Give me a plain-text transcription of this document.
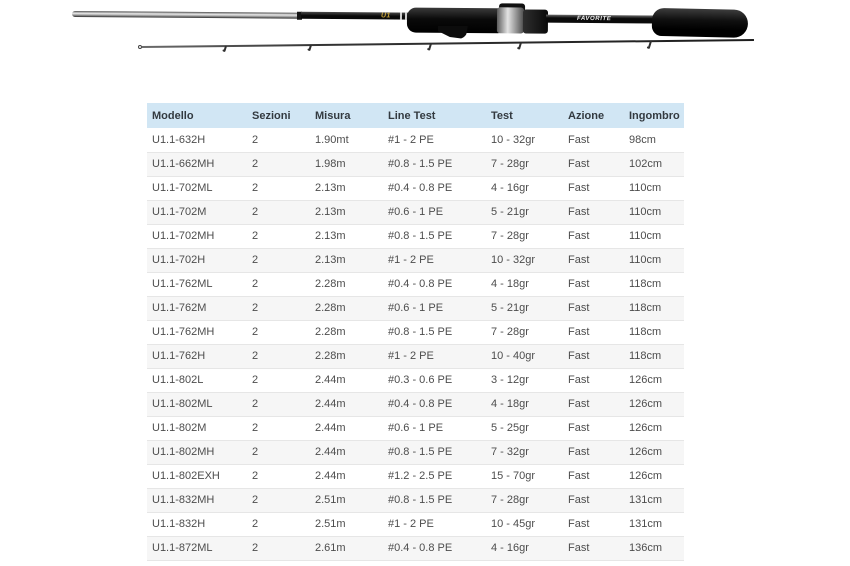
U1	FAVORITE
Modello	Sezioni	Misura	Line Test	Test	Azione	Ingombro
U1.1-632H	2	1.90mt	#1 - 2 PE	10 - 32gr	Fast	98cm
U1.1-662MH	2	1.98m	#0.8 - 1.5 PE	7 - 28gr	Fast	102cm
U1.1-702ML	2	2.13m	#0.4 - 0.8 PE	4 - 16gr	Fast	110cm
U1.1-702M	2	2.13m	#0.6 - 1 PE	5 - 21gr	Fast	110cm
U1.1-702MH	2	2.13m	#0.8 - 1.5 PE	7 - 28gr	Fast	110cm
U1.1-702H	2	2.13m	#1 - 2 PE	10 - 32gr	Fast	110cm
U1.1-762ML	2	2.28m	#0.4 - 0.8 PE	4 - 18gr	Fast	118cm
U1.1-762M	2	2.28m	#0.6 - 1 PE	5 - 21gr	Fast	118cm
U1.1-762MH	2	2.28m	#0.8 - 1.5 PE	7 - 28gr	Fast	118cm
U1.1-762H	2	2.28m	#1 - 2 PE	10 - 40gr	Fast	118cm
U1.1-802L	2	2.44m	#0.3 - 0.6 PE	3 - 12gr	Fast	126cm
U1.1-802ML	2	2.44m	#0.4 - 0.8 PE	4 - 18gr	Fast	126cm
U1.1-802M	2	2.44m	#0.6 - 1 PE	5 - 25gr	Fast	126cm
U1.1-802MH	2	2.44m	#0.8 - 1.5 PE	7 - 32gr	Fast	126cm
U1.1-802EXH	2	2.44m	#1.2 - 2.5 PE	15 - 70gr	Fast	126cm
U1.1-832MH	2	2.51m	#0.8 - 1.5 PE	7 - 28gr	Fast	131cm
U1.1-832H	2	2.51m	#1 - 2 PE	10 - 45gr	Fast	131cm
U1.1-872ML	2	2.61m	#0.4 - 0.8 PE	4 - 16gr	Fast	136cm
